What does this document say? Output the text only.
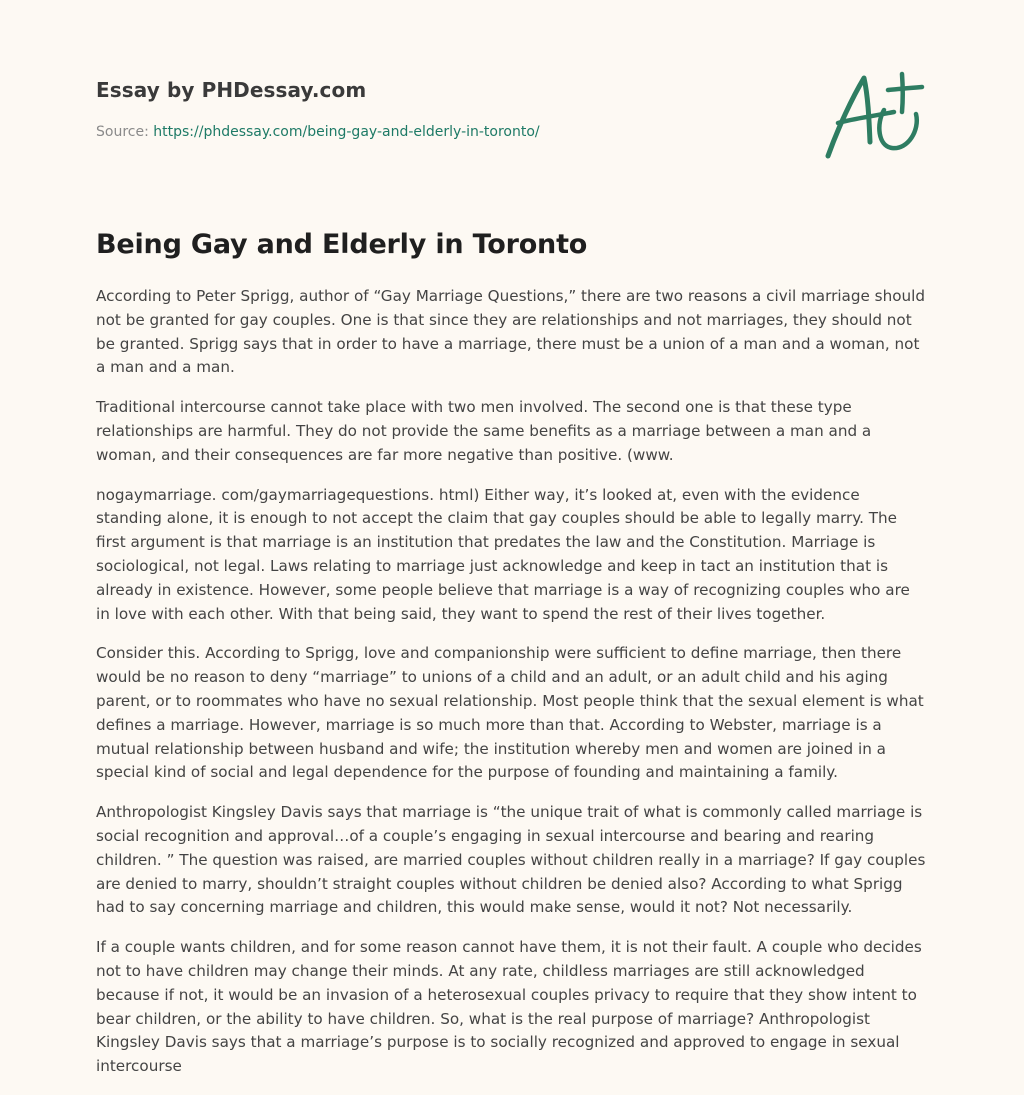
Essay by PHDessay.com
Source: https://phdessay.com/being-gay-and-elderly-in-toronto/
Being Gay and Elderly in Toronto

According to Peter Sprigg, author of “Gay Marriage Questions,” there are two reasons a civil marriage should not be granted for gay couples. One is that since they are relationships and not marriages, they should not be granted. Sprigg says that in order to have a marriage, there must be a union of a man and a woman, not a man and a man.

Traditional intercourse cannot take place with two men involved. The second one is that these type relationships are harmful. They do not provide the same benefits as a marriage between a man and a woman, and their consequences are far more negative than positive. (www.

nogaymarriage. com/gaymarriagequestions. html) Either way, it’s looked at, even with the evidence standing alone, it is enough to not accept the claim that gay couples should be able to legally marry. The first argument is that marriage is an institution that predates the law and the Constitution. Marriage is sociological, not legal. Laws relating to marriage just acknowledge and keep in tact an institution that is already in existence. However, some people believe that marriage is a way of recognizing couples who are in love with each other. With that being said, they want to spend the rest of their lives together.

Consider this. According to Sprigg, love and companionship were sufficient to define marriage, then there would be no reason to deny “marriage” to unions of a child and an adult, or an adult child and his aging parent, or to roommates who have no sexual relationship. Most people think that the sexual element is what defines a marriage. However, marriage is so much more than that. According to Webster, marriage is a mutual relationship between husband and wife; the institution whereby men and women are joined in a special kind of social and legal dependence for the purpose of founding and maintaining a family.

Anthropologist Kingsley Davis says that marriage is “the unique trait of what is commonly called marriage is social recognition and approval…of a couple’s engaging in sexual intercourse and bearing and rearing children. ” The question was raised, are married couples without children really in a marriage? If gay couples are denied to marry, shouldn’t straight couples without children be denied also? According to what Sprigg had to say concerning marriage and children, this would make sense, would it not? Not necessarily.

If a couple wants children, and for some reason cannot have them, it is not their fault. A couple who decides not to have children may change their minds. At any rate, childless marriages are still acknowledged because if not, it would be an invasion of a heterosexual couples privacy to require that they show intent to bear children, or the ability to have children. So, what is the real purpose of marriage? Anthropologist Kingsley Davis says that a marriage’s purpose is to socially recognized and approved to engage in sexual intercourse
